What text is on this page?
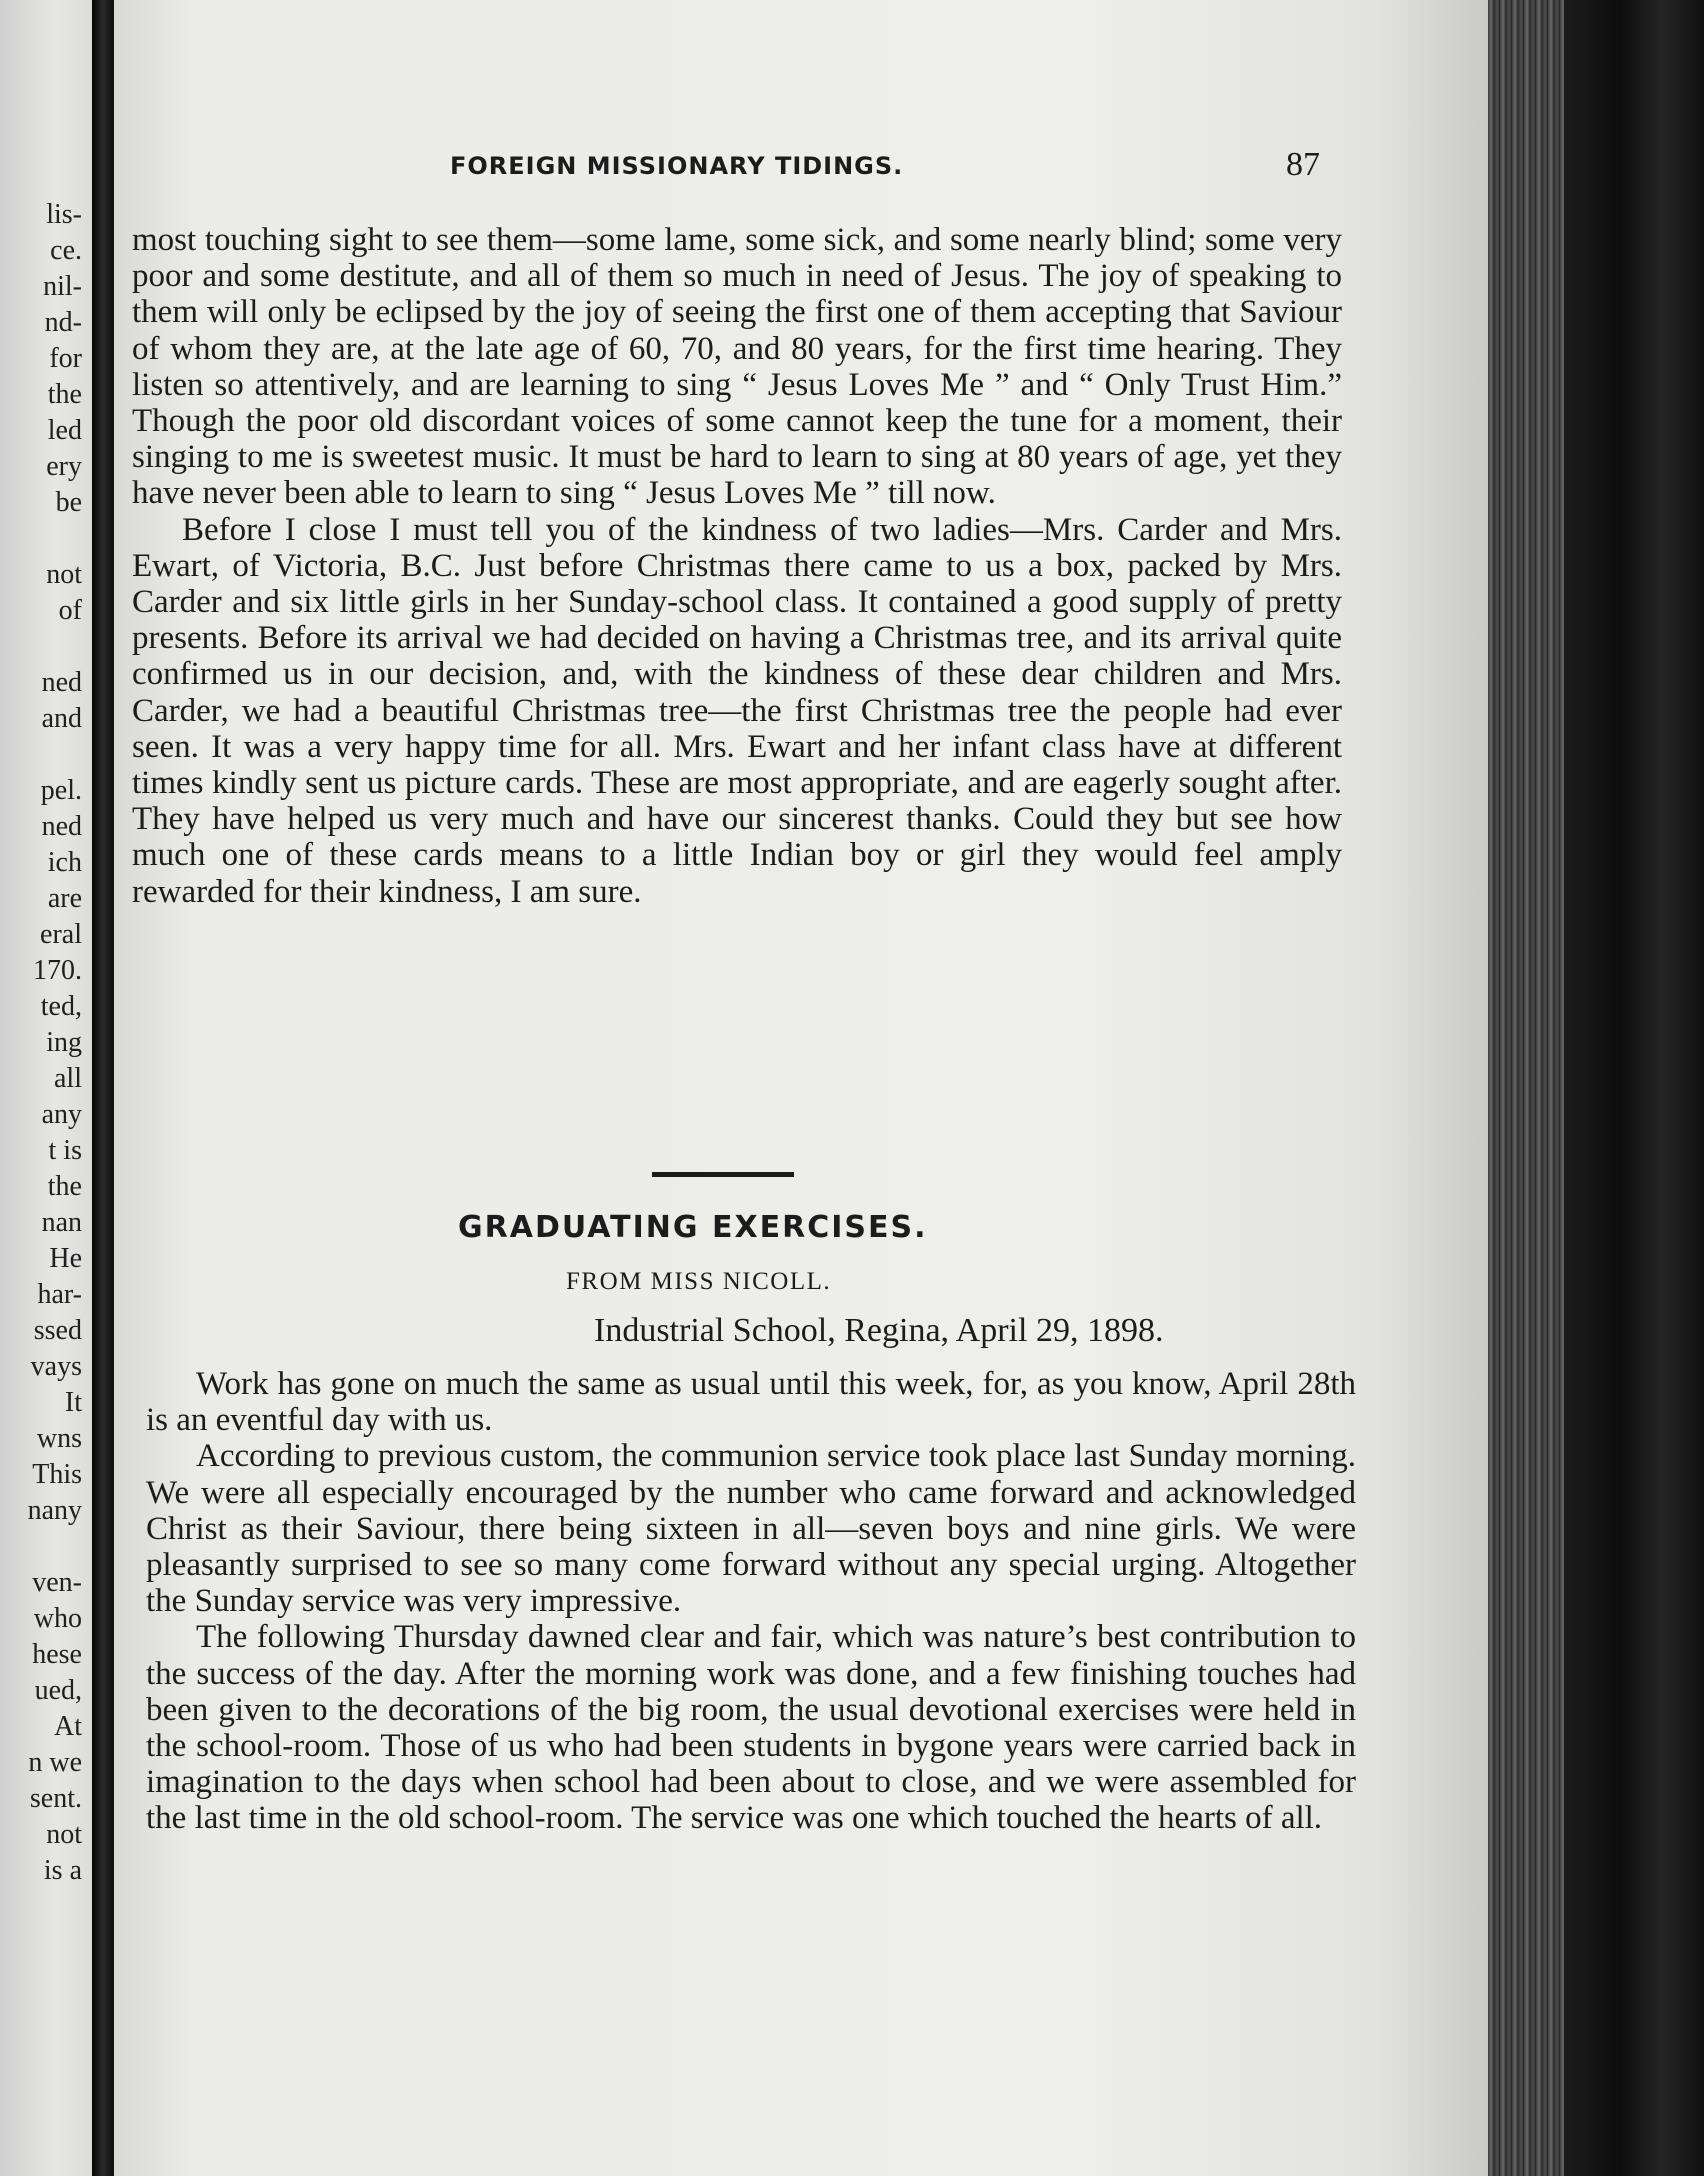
lis-
ce.
nil-
nd-
for
the
led
ery
be
not
of
ned
and
pel.
ned
ich
are
eral
170.
ted,
ing
all
any
t is
the
nan
He
har-
ssed
vays
It
wns
This
nany
ven-
who
hese
ued,
At
n we
sent.
not
is a
FOREIGN MISSIONARY TIDINGS.	87

most touching sight to see them—some lame, some sick, and some nearly blind; some very poor and some destitute, and all of them so much in need of Jesus. The joy of speaking to them will only be eclipsed by the joy of seeing the first one of them accepting that Saviour of whom they are, at the late age of 60, 70, and 80 years, for the first time hearing. They listen so attentively, and are learning to sing “ Jesus Loves Me ” and “ Only Trust Him.” Though the poor old discordant voices of some cannot keep the tune for a moment, their singing to me is sweetest music. It must be hard to learn to sing at 80 years of age, yet they have never been able to learn to sing “ Jesus Loves Me ” till now.

Before I close I must tell you of the kindness of two ladies—Mrs. Carder and Mrs. Ewart, of Victoria, B.C. Just before Christmas there came to us a box, packed by Mrs. Carder and six little girls in her Sunday-school class. It contained a good supply of pretty presents. Before its arrival we had decided on having a Christmas tree, and its arrival quite confirmed us in our decision, and, with the kindness of these dear children and Mrs. Carder, we had a beautiful Christmas tree—the first Christmas tree the people had ever seen. It was a very happy time for all. Mrs. Ewart and her infant class have at different times kindly sent us picture cards. These are most appropriate, and are eagerly sought after. They have helped us very much and have our sincerest thanks. Could they but see how much one of these cards means to a little Indian boy or girl they would feel amply rewarded for their kindness, I am sure.

GRADUATING EXERCISES.
FROM MISS NICOLL.
Industrial School, Regina, April 29, 1898.

Work has gone on much the same as usual until this week, for, as you know, April 28th is an eventful day with us.

According to previous custom, the communion service took place last Sunday morning. We were all especially encouraged by the number who came forward and acknowledged Christ as their Saviour, there being sixteen in all—seven boys and nine girls. We were pleasantly surprised to see so many come forward without any special urging. Altogether the Sunday service was very impressive.

The following Thursday dawned clear and fair, which was nature’s best contribution to the success of the day. After the morning work was done, and a few finishing touches had been given to the decorations of the big room, the usual devotional exercises were held in the school-room. Those of us who had been students in bygone years were carried back in imagination to the days when school had been about to close, and we were assembled for the last time in the old school-room. The service was one which touched the hearts of all.
